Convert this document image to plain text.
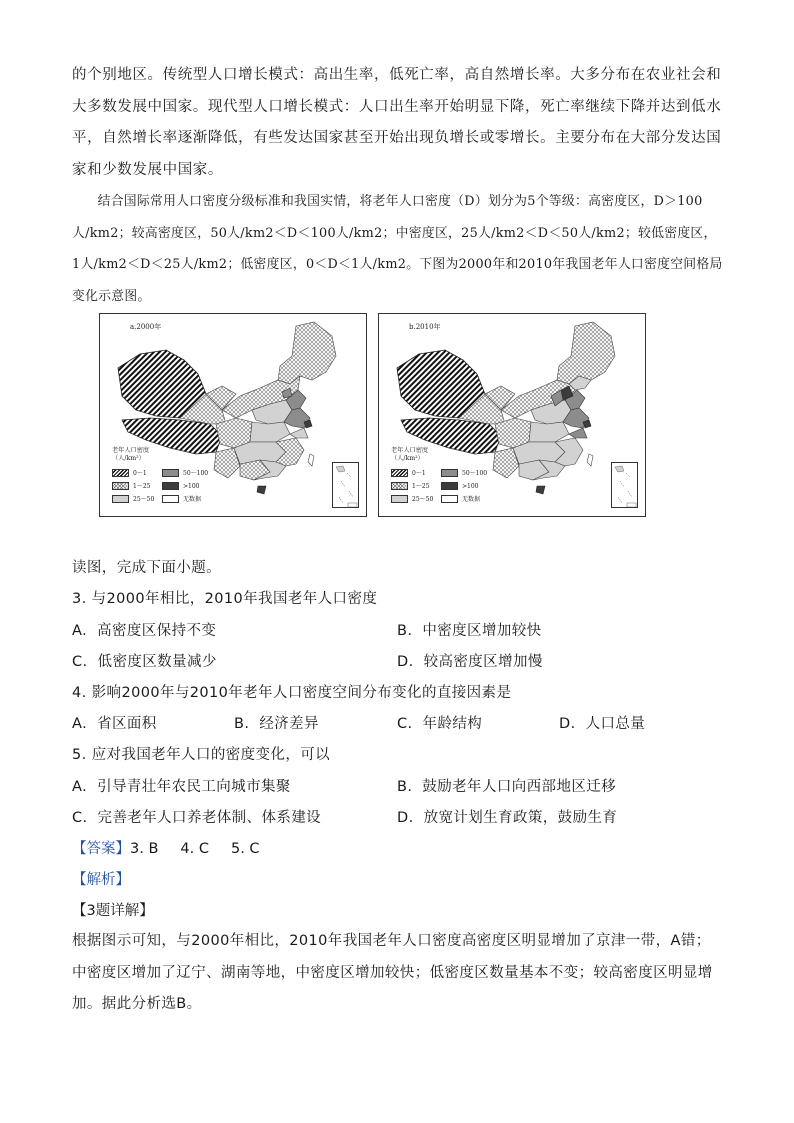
的个别地区。传统型人口增长模式：高出生率，低死亡率，高自然增长率。大多分布在农业社会和大多数发展中国家。现代型人口增长模式：人口出生率开始明显下降，死亡率继续下降并达到低水平，自然增长率逐渐降低，有些发达国家甚至开始出现负增长或零增长。主要分布在大部分发达国家和少数发展中国家。

结合国际常用人口密度分级标准和我国实情，将老年人口密度（D）划分为5个等级：高密度区，D＞100人/km2；较高密度区，50人/km2＜D＜100人/km2；中密度区，25人/km2＜D＜50人/km2；较低密度区，1人/km2＜D＜25人/km2；低密度区，0＜D＜1人/km2。下图为2000年和2010年我国老年人口密度空间格局变化示意图。

a.2000年
老年人口密度（人/km²）
0～1
1～25
25～50
50～100
>100
无数据
b.2010年
老年人口密度（人/km²）
0～1
1～25
25～50
50～100
>100
无数据
读图，完成下面小题。
3. 与2000年相比，2010年我国老年人口密度
A. 高密度区保持不变	B. 中密度区增加较快
C. 低密度区数量减少	D. 较高密度区增加慢
4. 影响2000年与2010年老年人口密度空间分布变化的直接因素是
A. 省区面积	B. 经济差异	C. 年龄结构	D. 人口总量
5. 应对我国老年人口的密度变化，可以
A. 引导青壮年农民工向城市集聚	B. 鼓励老年人口向西部地区迁移
C. 完善老年人口养老体制、体系建设	D. 放宽计划生育政策，鼓励生育
【答案】3. B 4. C 5. C
【解析】
【3题详解】

根据图示可知，与2000年相比，2010年我国老年人口密度高密度区明显增加了京津一带，A错；中密度区增加了辽宁、湖南等地，中密度区增加较快；低密度区数量基本不变；较高密度区明显增加。据此分析选B。
